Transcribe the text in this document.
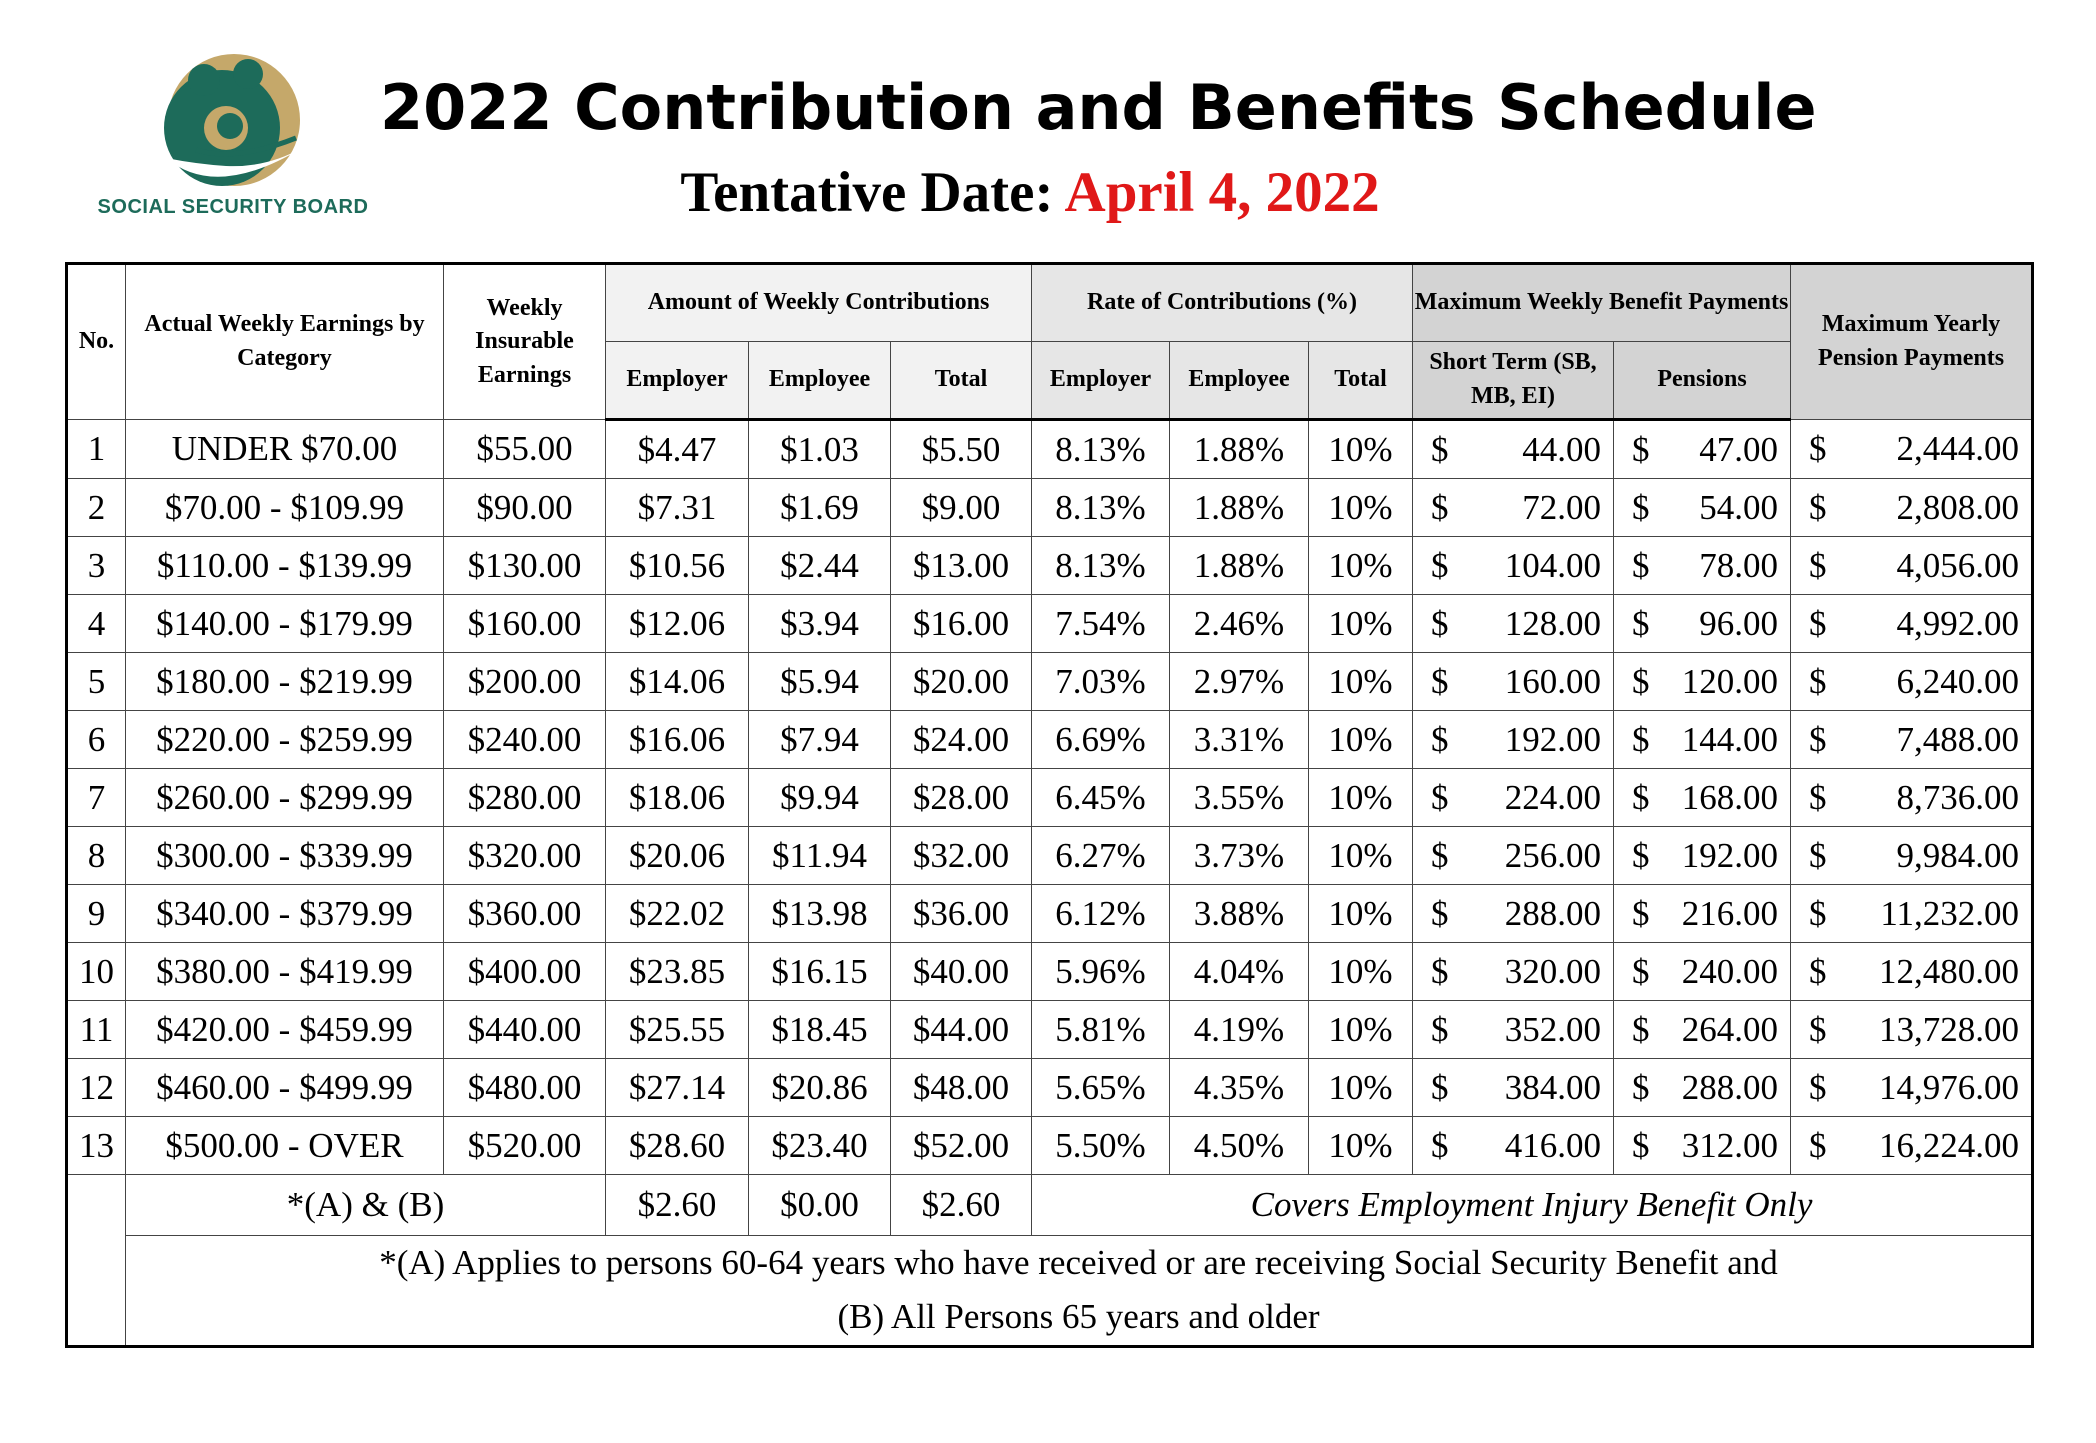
SOCIAL SECURITY BOARD
2022 Contribution and Benefits Schedule
Tentative Date: April 4, 2022
No.	Actual Weekly Earnings by Category	Weekly Insurable Earnings	Amount of Weekly Contributions			Rate of Contributions (%)			Maximum Weekly Benefit Payments		Maximum Yearly Pension Payments
			Employer	Employee	Total	Employer	Employee	Total	Short Term (SB, MB, EI)	Pensions	
1	UNDER $70.00	$55.00	$4.47	$1.03	$5.50	8.13%	1.88%	10%	$ 44.00	$ 47.00	$ 2,444.00

2	$70.00 - $109.99	$90.00	$7.31	$1.69	$9.00	8.13%	1.88%	10%	$ 72.00	$ 54.00	$ 2,808.00

3	$110.00 - $139.99	$130.00	$10.56	$2.44	$13.00	8.13%	1.88%	10%	$ 104.00	$ 78.00	$ 4,056.00

4	$140.00 - $179.99	$160.00	$12.06	$3.94	$16.00	7.54%	2.46%	10%	$ 128.00	$ 96.00	$ 4,992.00

5	$180.00 - $219.99	$200.00	$14.06	$5.94	$20.00	7.03%	2.97%	10%	$ 160.00	$ 120.00	$ 6,240.00

6	$220.00 - $259.99	$240.00	$16.06	$7.94	$24.00	6.69%	3.31%	10%	$ 192.00	$ 144.00	$ 7,488.00

7	$260.00 - $299.99	$280.00	$18.06	$9.94	$28.00	6.45%	3.55%	10%	$ 224.00	$ 168.00	$ 8,736.00

8	$300.00 - $339.99	$320.00	$20.06	$11.94	$32.00	6.27%	3.73%	10%	$ 256.00	$ 192.00	$ 9,984.00

9	$340.00 - $379.99	$360.00	$22.02	$13.98	$36.00	6.12%	3.88%	10%	$ 288.00	$ 216.00	$ 11,232.00

10	$380.00 - $419.99	$400.00	$23.85	$16.15	$40.00	5.96%	4.04%	10%	$ 320.00	$ 240.00	$ 12,480.00

11	$420.00 - $459.99	$440.00	$25.55	$18.45	$44.00	5.81%	4.19%	10%	$ 352.00	$ 264.00	$ 13,728.00

12	$460.00 - $499.99	$480.00	$27.14	$20.86	$48.00	5.65%	4.35%	10%	$ 384.00	$ 288.00	$ 14,976.00

13	$500.00 - OVER	$520.00	$28.60	$23.40	$52.00	5.50%	4.50%	10%	$ 416.00	$ 312.00	$ 16,224.00

	*(A) & (B)		$2.60	$0.00	$2.60	Covers Employment Injury Benefit Only					

	*(A) Applies to persons 60-64 years who have received or are receiving Social Security Benefit and
(B) All Persons 65 years and older										
